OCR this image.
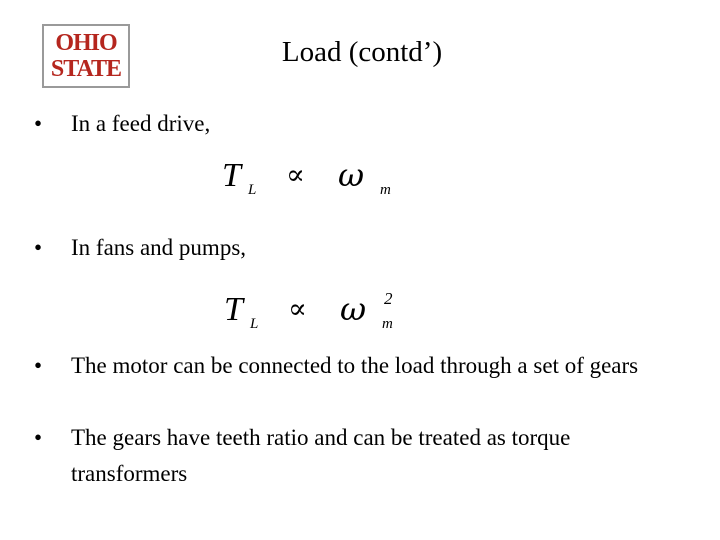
OHIO
STATE
Load (contd’)
•	In a feed drive,
T L ∝ ω m
•	In fans and pumps,
T L ∝ ω 2
m
•	The motor can be connected to the load through a set of gears
•	The gears have teeth ratio and can be treated as torque transformers
